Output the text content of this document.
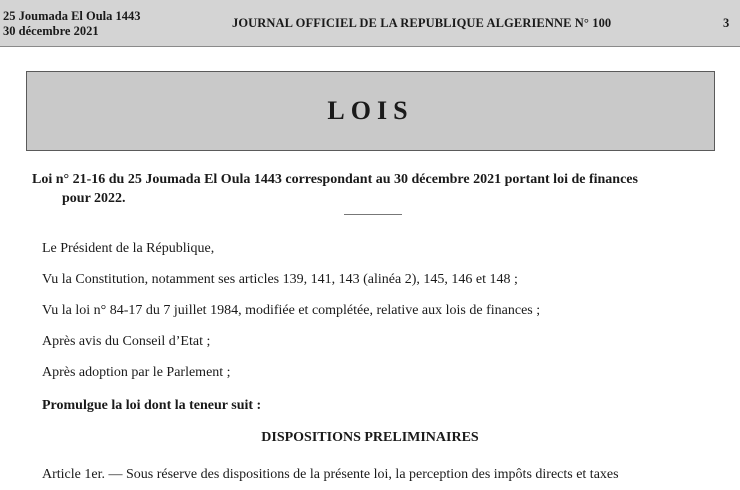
25 Joumada El Oula 1443
30 décembre 2021
JOURNAL OFFICIEL DE LA REPUBLIQUE ALGERIENNE N° 100	3
LOIS
Loi n° 21-16 du 25 Joumada El Oula 1443 correspondant au 30 décembre 2021 portant loi de finances
pour 2022.
Le Président de la République,
Vu la Constitution, notamment ses articles 139, 141, 143 (alinéa 2), 145, 146 et 148 ;
Vu la loi n° 84-17 du 7 juillet 1984, modifiée et complétée, relative aux lois de finances ;
Après avis du Conseil d’Etat ;
Après adoption par le Parlement ;
Promulgue la loi dont la teneur suit :
DISPOSITIONS PRELIMINAIRES
Article 1er. — Sous réserve des dispositions de la présente loi, la perception des impôts directs et taxes
